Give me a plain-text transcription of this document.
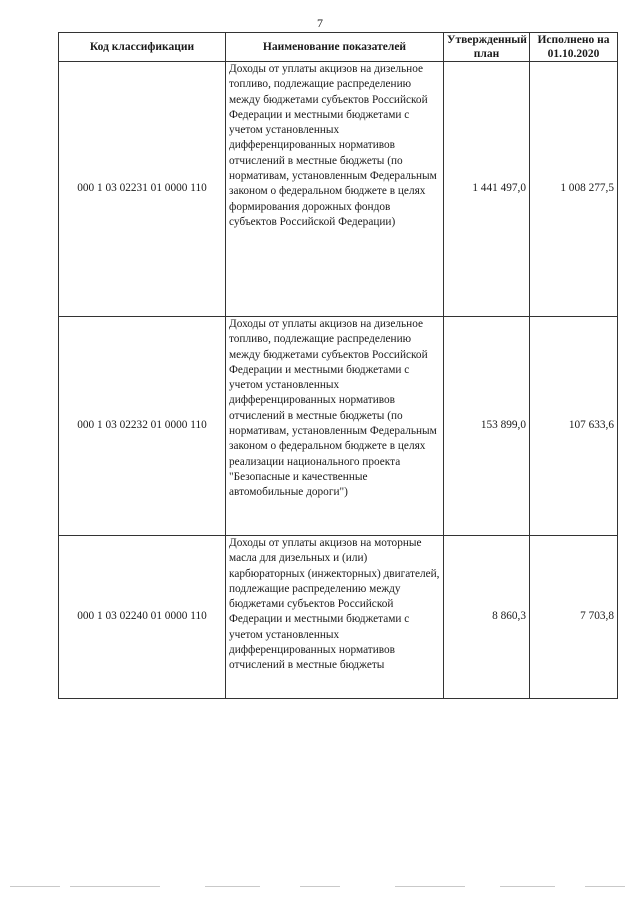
7
Код классификации	Наименование показателей	Утвержденный план	Исполнено на 01.10.2020
000 1 03 02231 01 0000 110	Доходы от уплаты акцизов на дизельное топливо, подлежащие распределению между бюджетами субъектов Российской Федерации и местными бюджетами с учетом установленных дифференцированных нормативов отчислений в местные бюджеты (по нормативам, установленным Федеральным законом о федеральном бюджете в целях формирования дорожных фондов субъектов Российской Федерации)	1 441 497,0	1 008 277,5
000 1 03 02232 01 0000 110	Доходы от уплаты акцизов на дизельное топливо, подлежащие распределению между бюджетами субъектов Российской Федерации и местными бюджетами с учетом установленных дифференцированных нормативов отчислений в местные бюджеты (по нормативам, установленным Федеральным законом о федеральном бюджете в целях реализации национального проекта "Безопасные и качественные автомобильные дороги")	153 899,0	107 633,6
000 1 03 02240 01 0000 110	Доходы от уплаты акцизов на моторные масла для дизельных и (или) карбюраторных (инжекторных) двигателей, подлежащие распределению между бюджетами субъектов Российской Федерации и местными бюджетами с учетом установленных дифференцированных нормативов отчислений в местные бюджеты	8 860,3	7 703,8
